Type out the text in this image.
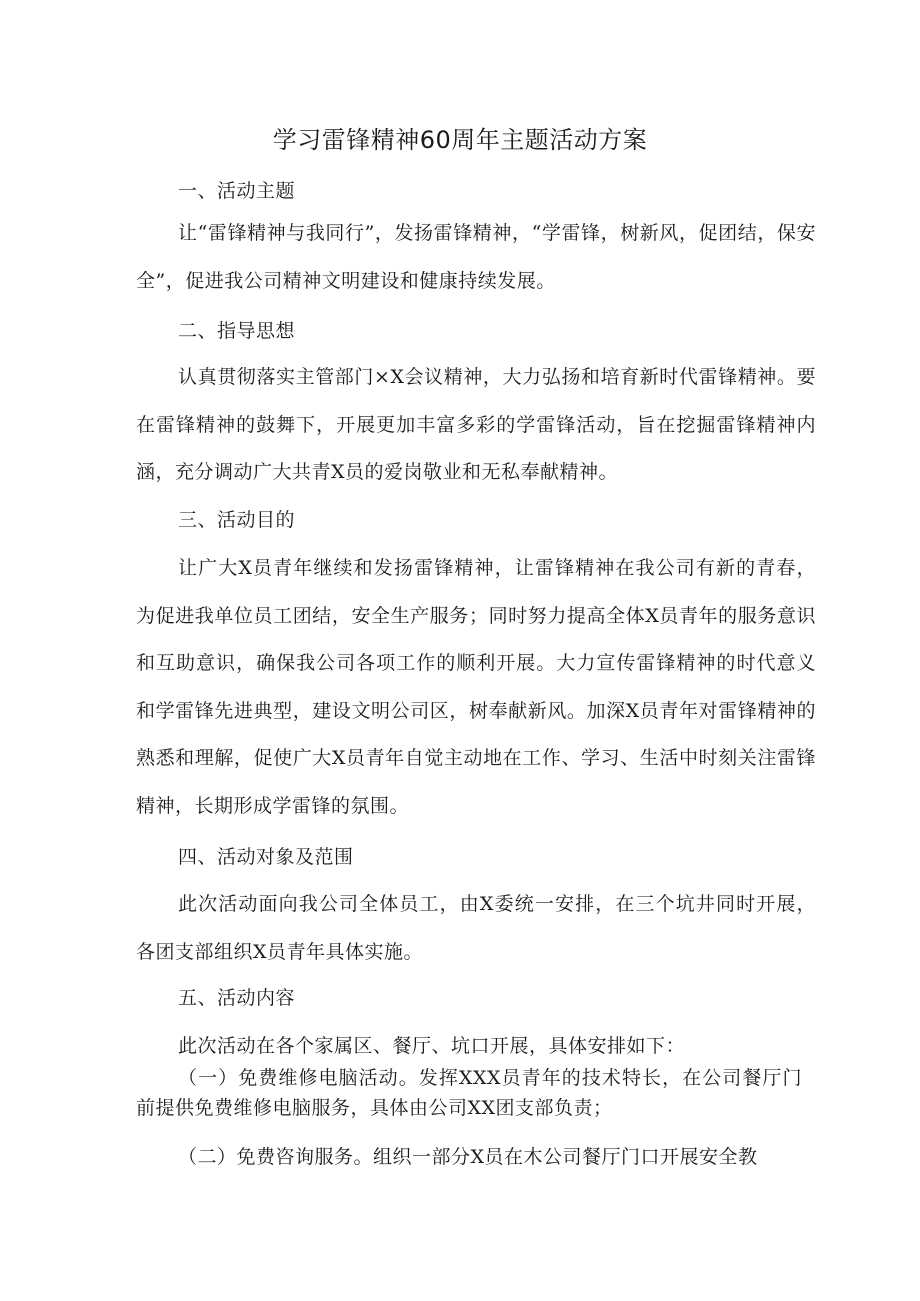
学习雷锋精神60周年主题活动方案
一、活动主题

让“雷锋精神与我同行”，发扬雷锋精神，“学雷锋，树新风，促团结，保安全”，促进我公司精神文明建设和健康持续发展。

二、指导思想

认真贯彻落实主管部门×X会议精神，大力弘扬和培育新时代雷锋精神。要在雷锋精神的鼓舞下，开展更加丰富多彩的学雷锋活动，旨在挖掘雷锋精神内涵，充分调动广大共青X员的爱岗敬业和无私奉献精神。

三、活动目的

让广大X员青年继续和发扬雷锋精神，让雷锋精神在我公司有新的青春，为促进我单位员工团结，安全生产服务；同时努力提高全体X员青年的服务意识和互助意识，确保我公司各项工作的顺利开展。大力宣传雷锋精神的时代意义和学雷锋先进典型，建设文明公司区，树奉献新风。加深X员青年对雷锋精神的熟悉和理解，促使广大X员青年自觉主动地在工作、学习、生活中时刻关注雷锋精神，长期形成学雷锋的氛围。

四、活动对象及范围

此次活动面向我公司全体员工，由X委统一安排，在三个坑井同时开展，各团支部组织X员青年具体实施。

五、活动内容

此次活动在各个家属区、餐厅、坑口开展，具体安排如下：

（一）免费维修电脑活动。发挥XXX员青年的技术特长，在公司餐厅门前提供免费维修电脑服务，具体由公司XX团支部负责；

（二）免费咨询服务。组织一部分X员在木公司餐厅门口开展安全教
